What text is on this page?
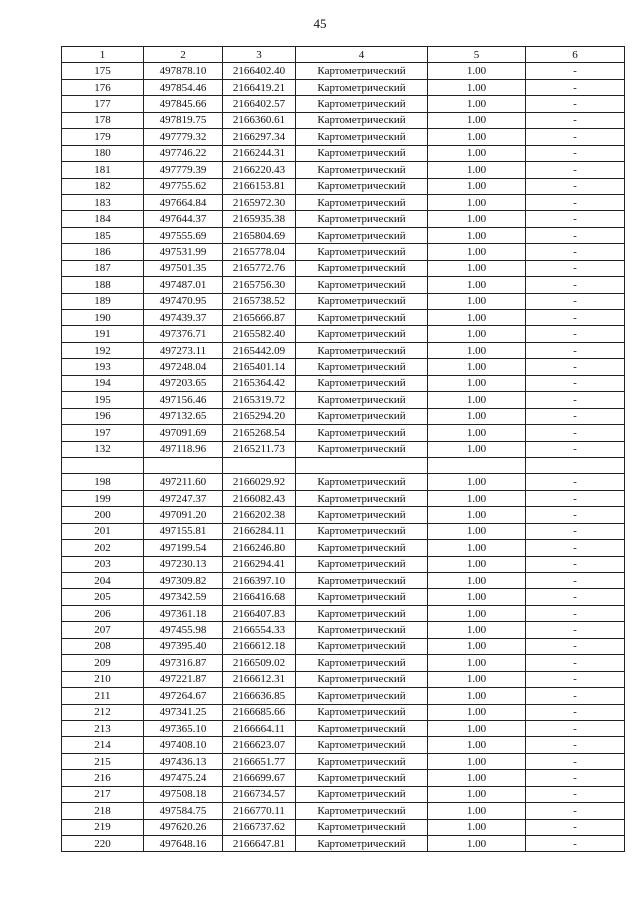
45
1	2	3	4	5	6
175	497878.10	2166402.40	Картометрический	1.00	-
176	497854.46	2166419.21	Картометрический	1.00	-
177	497845.66	2166402.57	Картометрический	1.00	-
178	497819.75	2166360.61	Картометрический	1.00	-
179	497779.32	2166297.34	Картометрический	1.00	-
180	497746.22	2166244.31	Картометрический	1.00	-
181	497779.39	2166220.43	Картометрический	1.00	-
182	497755.62	2166153.81	Картометрический	1.00	-
183	497664.84	2165972.30	Картометрический	1.00	-
184	497644.37	2165935.38	Картометрический	1.00	-
185	497555.69	2165804.69	Картометрический	1.00	-
186	497531.99	2165778.04	Картометрический	1.00	-
187	497501.35	2165772.76	Картометрический	1.00	-
188	497487.01	2165756.30	Картометрический	1.00	-
189	497470.95	2165738.52	Картометрический	1.00	-
190	497439.37	2165666.87	Картометрический	1.00	-
191	497376.71	2165582.40	Картометрический	1.00	-
192	497273.11	2165442.09	Картометрический	1.00	-
193	497248.04	2165401.14	Картометрический	1.00	-
194	497203.65	2165364.42	Картометрический	1.00	-
195	497156.46	2165319.72	Картометрический	1.00	-
196	497132.65	2165294.20	Картометрический	1.00	-
197	497091.69	2165268.54	Картометрический	1.00	-
132	497118.96	2165211.73	Картометрический	1.00	-

198	497211.60	2166029.92	Картометрический	1.00	-
199	497247.37	2166082.43	Картометрический	1.00	-
200	497091.20	2166202.38	Картометрический	1.00	-
201	497155.81	2166284.11	Картометрический	1.00	-
202	497199.54	2166246.80	Картометрический	1.00	-
203	497230.13	2166294.41	Картометрический	1.00	-
204	497309.82	2166397.10	Картометрический	1.00	-
205	497342.59	2166416.68	Картометрический	1.00	-
206	497361.18	2166407.83	Картометрический	1.00	-
207	497455.98	2166554.33	Картометрический	1.00	-
208	497395.40	2166612.18	Картометрический	1.00	-
209	497316.87	2166509.02	Картометрический	1.00	-
210	497221.87	2166612.31	Картометрический	1.00	-
211	497264.67	2166636.85	Картометрический	1.00	-
212	497341.25	2166685.66	Картометрический	1.00	-
213	497365.10	2166664.11	Картометрический	1.00	-
214	497408.10	2166623.07	Картометрический	1.00	-
215	497436.13	2166651.77	Картометрический	1.00	-
216	497475.24	2166699.67	Картометрический	1.00	-
217	497508.18	2166734.57	Картометрический	1.00	-
218	497584.75	2166770.11	Картометрический	1.00	-
219	497620.26	2166737.62	Картометрический	1.00	-
220	497648.16	2166647.81	Картометрический	1.00	-
